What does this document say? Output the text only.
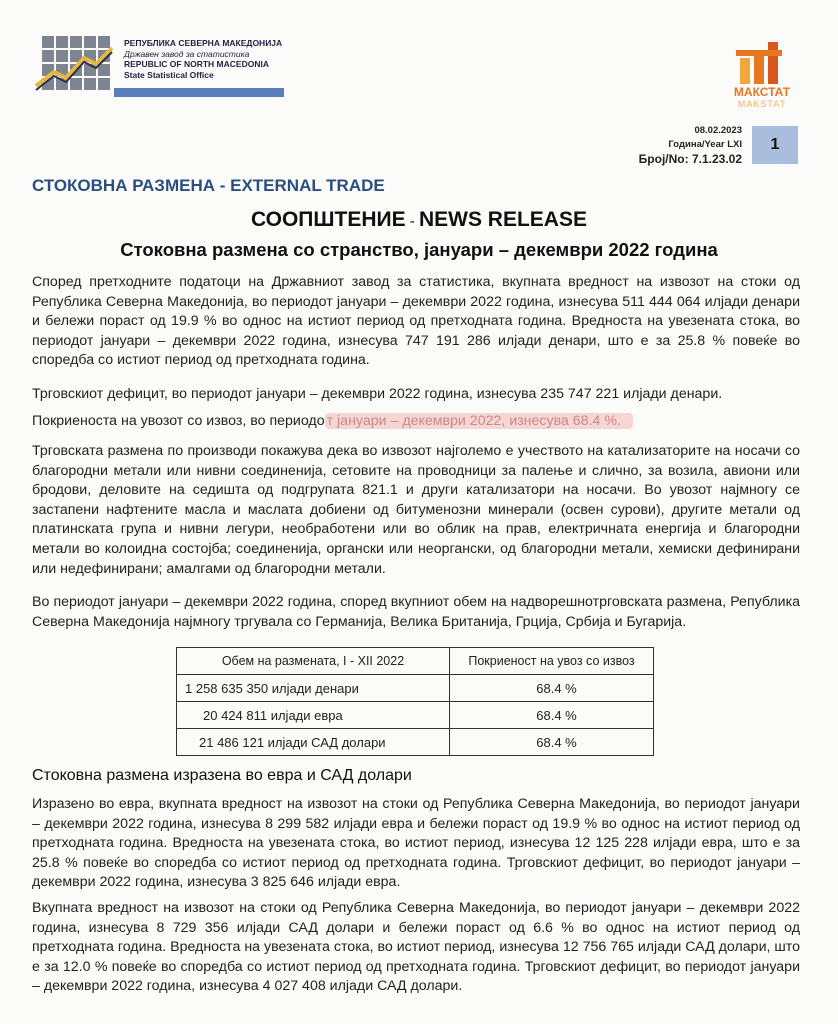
РЕПУБЛИКА СЕВЕРНА МАКЕДОНИЈА
Државен завод за статистика
REPUBLIC OF NORTH MACEDONIA
State Statistical Office
МАКСТАТ
MAKSTAT
08.02.2023
Година/Year LXI
Број/No: 7.1.23.02
1
СТОКОВНА РАЗМЕНА - EXTERNAL TRADE
СООПШТЕНИЕ - NEWS RELEASE
Стоковна размена со странство, јануари – декември 2022 година
Според претходните податоци на Државниот завод за статистика, вкупната вредност на извозот на стоки од Република Северна Македонија, во периодот јануари – декември 2022 година, изнесува 511 444 064 илјади денари и бележи пораст од 19.9 % во однос на истиот период од претходната година. Вредноста на увезената стока, во периодот јануари – декември 2022 година, изнесува 747 191 286 илјади денари, што е за 25.8 % повеќе во споредба со истиот период од претходната година.
Трговскиот дефицит, во периодот јануари – декември 2022 година, изнесува 235 747 221 илјади денари.
Покриеноста на увозот со извоз, во периодо т јануари – декември 2022, изнесува 68.4 %.
Трговската размена по производи покажува дека во извозот најголемо е учеството на катализаторите на носачи со благородни метали или нивни соединенија, сетовите на проводници за палење и слично, за возила, авиони или бродови, деловите на седишта од подгрупата 821.1 и други катализатори на носачи. Во увозот најмногу се застапени нафтените масла и маслата добиени од битуменозни минерали (освен сурови), другите метали од платинската група и нивни легури, необработени или во облик на прав, електричната енергија и благородни метали во колоидна состојба; соединенија, органски или неоргански, од благородни метали, хемиски дефинирани или недефинирани; амалгами од благородни метали.
Во периодот јануари – декември 2022 година, според вкупниот обем на надворешнотрговската размена, Република Северна Македонија најмногу тргувала со Германија, Велика Британија, Грција, Србија и Бугарија.
Обем на размената, I - XII 2022	Покриеност на увоз со извоз
1 258 635 350 илјади денари	68.4 %
20 424 811 илјади евра	68.4 %
21 486 121 илјади САД долари	68.4 %
Стоковна размена изразена во евра и САД долари
Изразено во евра, вкупната вредност на извозот на стоки од Република Северна Македонија, во периодот јануари – декември 2022 година, изнесува 8 299 582 илјади евра и бележи пораст од 19.9 % во однос на истиот период од претходната година. Вредноста на увезената стока, во истиот период, изнесува 12 125 228 илјади евра, што е за 25.8 % повеќе во споредба со истиот период од претходната година. Трговскиот дефицит, во периодот јануари – декември 2022 година, изнесува 3 825 646 илјади евра.
Вкупната вредност на извозот на стоки од Република Северна Македонија, во периодот јануари – декември 2022 година, изнесува 8 729 356 илјади САД долари и бележи пораст од 6.6 % во однос на истиот период од претходната година. Вредноста на увезената стока, во истиот период, изнесува 12 756 765 илјади САД долари, што е за 12.0 % повеќе во споредба со истиот период од претходната година. Трговскиот дефицит, во периодот јануари – декември 2022 година, изнесува 4 027 408 илјади САД долари.
